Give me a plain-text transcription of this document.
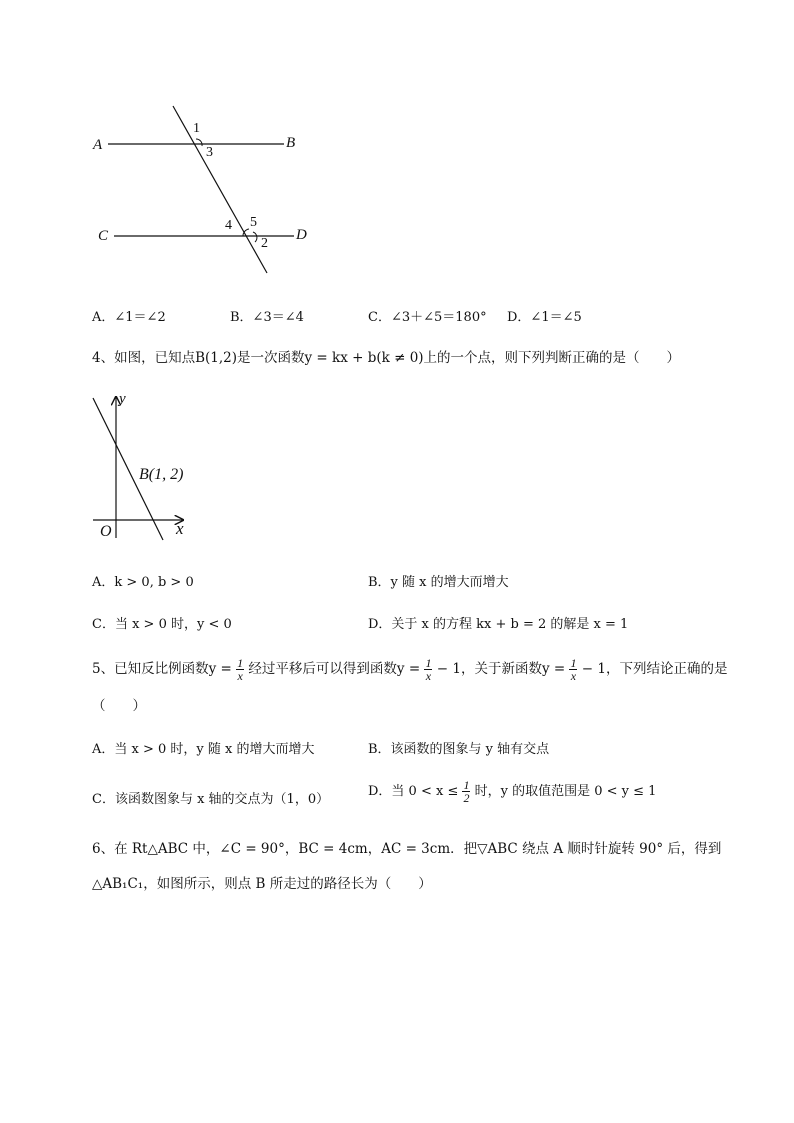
A	B
C	D
1
3
4 5
2
A．∠1＝∠2	B．∠3＝∠4	C．∠3＋∠5＝180° D．∠1＝∠5
4、如图，已知点B(1,2)是一次函数y = kx + b(k ≠ 0)上的一个点，则下列判断正确的是（　　）
y
x
O
B(1, 2)
A．k > 0, b > 0	B．y 随 x 的增大而增大
C．当 x > 0 时，y < 0	D．关于 x 的方程 kx + b = 2 的解是 x = 1
5、已知反比例函数$y = \frac{1}{x}$ 经过平移后可以得到函数$y = \frac{1}{x} - 1$，关于新函数$y = \frac{1}{x} - 1$，下列结论正确的是
（　　）
A．当 x > 0 时，y 随 x 的增大而增大	B．该函数的图象与 y 轴有交点
C．该函数图象与 x 轴的交点为（1，0）
D．当 $0 < x \le \frac{1}{2}$ 时，y 的取值范围是 0 < y ≤ 1
6、在 Rt△ABC 中，∠C = 90°，BC = 4cm，AC = 3cm．把▽ABC 绕点 A 顺时针旋转 90° 后，得到
△AB₁C₁，如图所示，则点 B 所走过的路径长为（　　）
